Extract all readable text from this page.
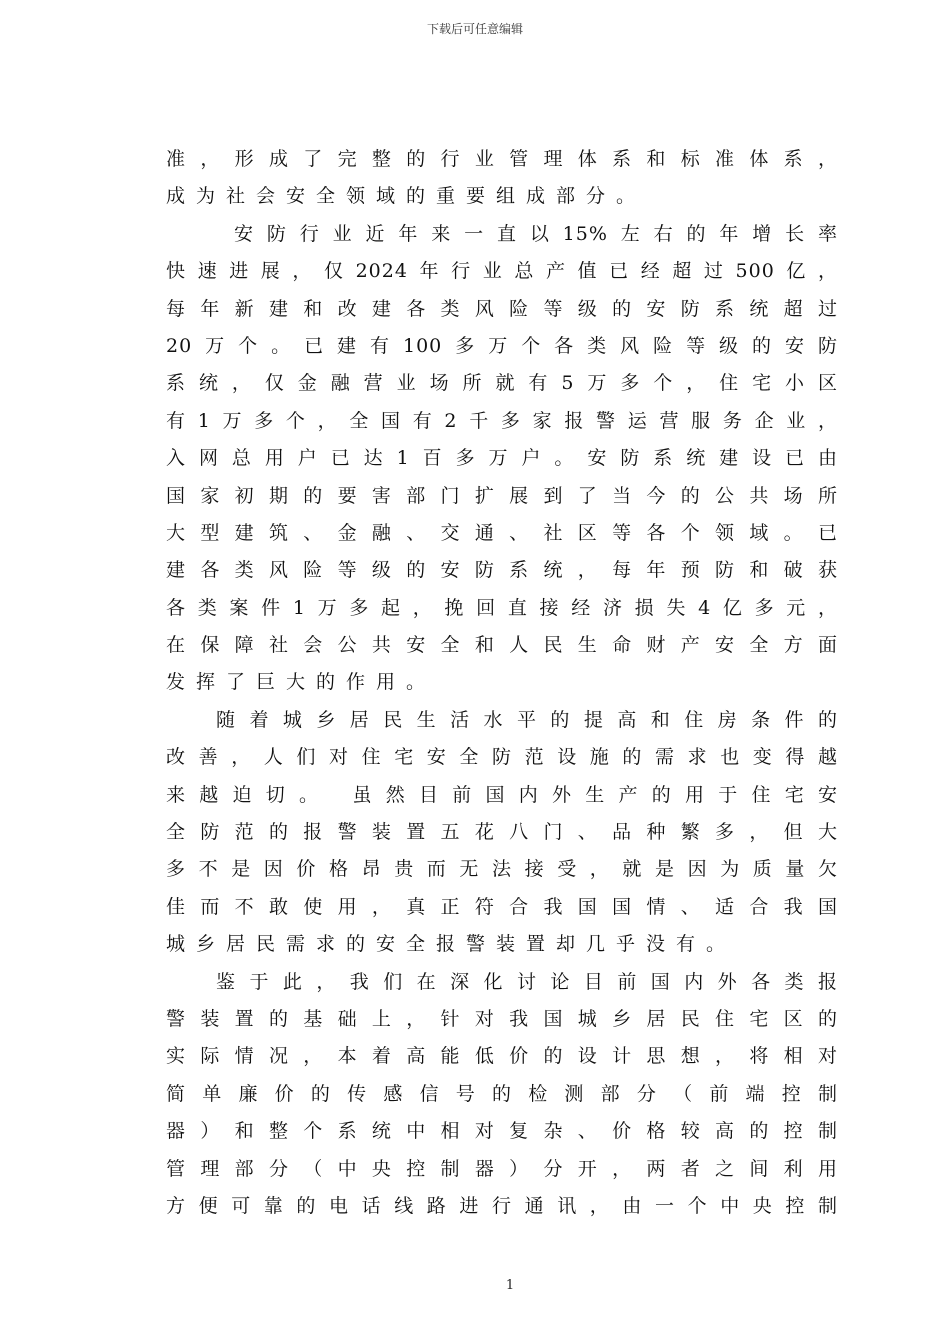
下载后可任意编辑
准，形成了完整的行业管理体系和标准体系，
成为社会安全领域的重要组成部分。
安防行业近年来一直以15%左右的年增长率
快速进展，仅2024年行业总产值已经超过500亿，
每年新建和改建各类风险等级的安防系统超过
20万个。已建有100多万个各类风险等级的安防
系统，仅金融营业场所就有5万多个，住宅小区
有1万多个，全国有2千多家报警运营服务企业，
入网总用户已达1百多万户。安防系统建设已由
国家初期的要害部门扩展到了当今的公共场所
大型建筑、金融、交通、社区等各个领域。已
建各类风险等级的安防系统，每年预防和破获
各类案件1万多起，挽回直接经济损失4亿多元，
在保障社会公共安全和人民生命财产安全方面
发挥了巨大的作用。
随着城乡居民生活水平的提高和住房条件的
改善，人们对住宅安全防范设施的需求也变得越
来越迫切。 虽然目前国内外生产的用于住宅安
全防范的报警装置五花八门、品种繁多，但大
多不是因价格昂贵而无法接受，就是因为质量欠
佳而不敢使用，真正符合我国国情、适合我国
城乡居民需求的安全报警装置却几乎没有。
鉴于此，我们在深化讨论目前国内外各类报
警装置的基础上，针对我国城乡居民住宅区的
实际情况，本着高能低价的设计思想，将相对
简单廉价的传感信号的检测部分（前端控制
器）和整个系统中相对复杂、价格较高的控制
管理部分（中央控制器）分开，两者之间利用
方便可靠的电话线路进行通讯，由一个中央控制
1
